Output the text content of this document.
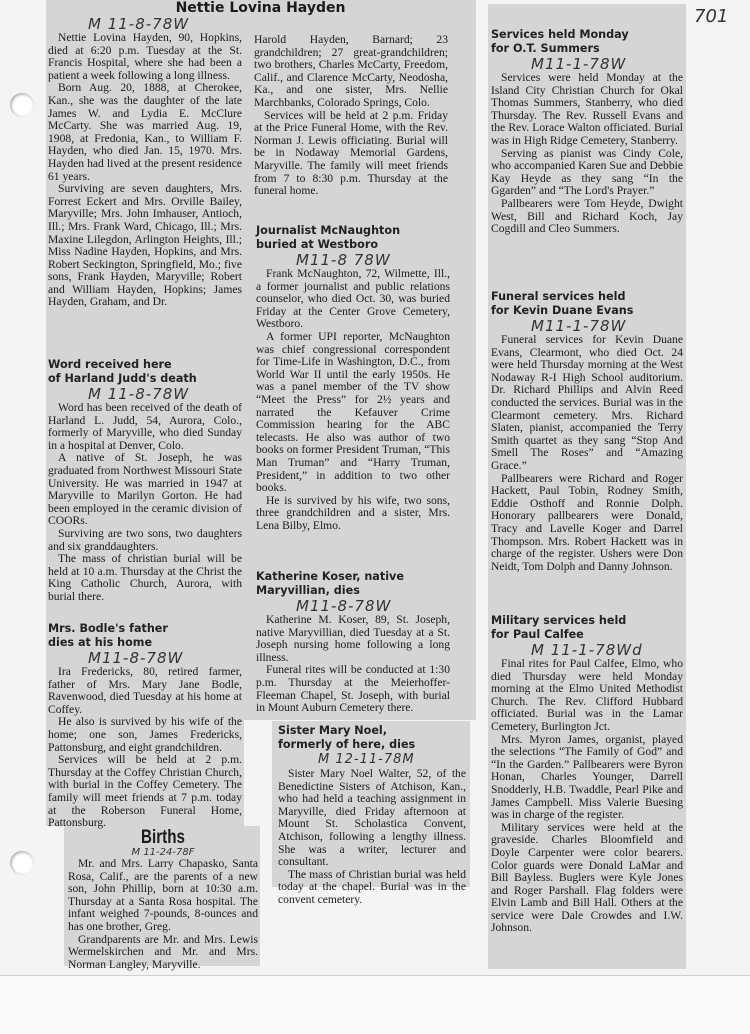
701
Nettie Lovina Hayden
M 11-8-78W

Nettie Lovina Hayden, 90, Hopkins, died at 6:20 p.m. Tuesday at the St. Francis Hospital, where she had been a patient a week following a long illness.

Born Aug. 20, 1888, at Cherokee, Kan., she was the daughter of the late James W. and Lydia E. McClure McCarty. She was married Aug. 19, 1908, at Fredonia, Kan., to William F. Hayden, who died Jan. 15, 1970. Mrs. Hayden had lived at the present residence 61 years.

Surviving are seven daughters, Mrs. Forrest Eckert and Mrs. Orville Bailey, Maryville; Mrs. John Imhauser, Antioch, Ill.; Mrs. Frank Ward, Chicago, Ill.; Mrs. Maxine Lilegdon, Arlington Heights, Ill.; Miss Nadine Hayden, Hopkins, and Mrs. Robert Seckington, Springfield, Mo.; five sons, Frank Hayden, Maryville; Robert and William Hayden, Hopkins; James Hayden, Graham, and Dr.

Harold Hayden, Barnard; 23 grandchildren; 27 great-grandchildren; two brothers, Charles McCarty, Freedom, Calif., and Clarence McCarty, Neodosha, Ka., and one sister, Mrs. Nellie Marchbanks, Colorado Springs, Colo.

Services will be held at 2 p.m. Friday at the Price Funeral Home, with the Rev. Norman J. Lewis officiating. Burial will be in Nodaway Memorial Gardens, Maryville. The family will meet friends from 7 to 8:30 p.m. Thursday at the funeral home.

Word received here
of Harland Judd's death
M 11-8-78W

Word has been received of the death of Harland L. Judd, 54, Aurora, Colo., formerly of Maryville, who died Sunday in a hospital at Denver, Colo.

A native of St. Joseph, he was graduated from Northwest Missouri State University. He was married in 1947 at Maryville to Marilyn Gorton. He had been employed in the ceramic division of COORs.

Surviving are two sons, two daughters and six granddaughters.

The mass of christian burial will be held at 10 a.m. Thursday at the Christ the King Catholic Church, Aurora, with burial there.

Mrs. Bodle's father
dies at his home
M11-8-78W

Ira Fredericks, 80, retired farmer, father of Mrs. Mary Jane Bodle, Ravenwood, died Tuesday at his home at Coffey.

He also is survived by his wife of the home; one son, James Fredericks, Pattonsburg, and eight grandchildren.

Services will be held at 2 p.m. Thursday at the Coffey Christian Church, with burial in the Coffey Cemetery. The family will meet friends at 7 p.m. today at the Roberson Funeral Home, Pattonsburg.

Births
M 11-24-78F

Mr. and Mrs. Larry Chapasko, Santa Rosa, Calif., are the parents of a new son, John Phillip, born at 10:30 a.m. Thursday at a Santa Rosa hospital. The infant weighed 7-pounds, 8-ounces and has one brother, Greg.

Grandparents are Mr. and Mrs. Lewis Wermelskirchen and Mr. and Mrs. Norman Langley, Maryville.

Journalist McNaughton
buried at Westboro
M11-8 78W

Frank McNaughton, 72, Wilmette, Ill., a former journalist and public relations counselor, who died Oct. 30, was buried Friday at the Center Grove Cemetery, Westboro.

A former UPI reporter, McNaughton was chief congressional correspondent for Time-Life in Washington, D.C., from World War II until the early 1950s. He was a panel member of the TV show “Meet the Press” for 2½ years and narrated the Kefauver Crime Commission hearing for the ABC telecasts. He also was author of two books on former President Truman, “This Man Truman” and “Harry Truman, President,” in addition to two other books.

He is survived by his wife, two sons, three grandchildren and a sister, Mrs. Lena Bilby, Elmo.

Katherine Koser, native
Maryvillian, dies
M11-8-78W

Katherine M. Koser, 89, St. Joseph, native Maryvillian, died Tuesday at a St. Joseph nursing home following a long illness.

Funeral rites will be conducted at 1:30 p.m. Thursday at the Meierhoffer-Fleeman Chapel, St. Joseph, with burial in Mount Auburn Cemetery there.

Sister Mary Noel,
formerly of here, dies
M 12-11-78M

Sister Mary Noel Walter, 52, of the Benedictine Sisters of Atchison, Kan., who had held a teaching assignment in Maryville, died Friday afternoon at Mount St. Scholastica Convent, Atchison, following a lengthy illness. She was a writer, lecturer and consultant.

The mass of Christian burial was held today at the chapel. Burial was in the convent cemetery.

Services held Monday
for O.T. Summers
M11-1-78W

Services were held Monday at the Island City Christian Church for Okal Thomas Summers, Stanberry, who died Thursday. The Rev. Russell Evans and the Rev. Lorace Walton officiated. Burial was in High Ridge Cemetery, Stanberry.

Serving as pianist was Cindy Cole, who accompanied Karen Sue and Debbie Kay Heyde as they sang “In the Ggarden” and “The Lord's Prayer.”

Pallbearers were Tom Heyde, Dwight West, Bill and Richard Koch, Jay Cogdill and Cleo Summers.

Funeral services held
for Kevin Duane Evans
M11-1-78W

Funeral services for Kevin Duane Evans, Clearmont, who died Oct. 24 were held Thursday morning at the West Nodaway R-I High School auditorium. Dr. Richard Phillips and Alvin Reed conducted the services. Burial was in the Clearmont cemetery. Mrs. Richard Slaten, pianist, accompanied the Terry Smith quartet as they sang “Stop And Smell The Roses” and “Amazing Grace.”

Pallbearers were Richard and Roger Hackett, Paul Tobin, Rodney Smith, Eddie Osthoff and Ronnie Dolph. Honorary pallbearers were Donald, Tracy and Lavelle Koger and Darrel Thompson. Mrs. Robert Hackett was in charge of the register. Ushers were Don Neidt, Tom Dolph and Danny Johnson.

Military services held
for Paul Calfee
M 11-1-78Wd

Final rites for Paul Calfee, Elmo, who died Thursday were held Monday morning at the Elmo United Methodist Church. The Rev. Clifford Hubbard officiated. Burial was in the Lamar Cemetery, Burlington Jct.

Mrs. Myron James, organist, played the selections “The Family of God” and “In the Garden.” Pallbearers were Byron Honan, Charles Younger, Darrell Snodderly, H.B. Twaddle, Pearl Pike and James Campbell. Miss Valerie Buesing was in charge of the register.

Military services were held at the graveside. Charles Bloomfield and Doyle Carpenter were color bearers. Color guards were Donald LaMar and Bill Bayless. Buglers were Kyle Jones and Roger Parshall. Flag folders were Elvin Lamb and Bill Hall. Others at the service were Dale Crowdes and I.W. Johnson.
